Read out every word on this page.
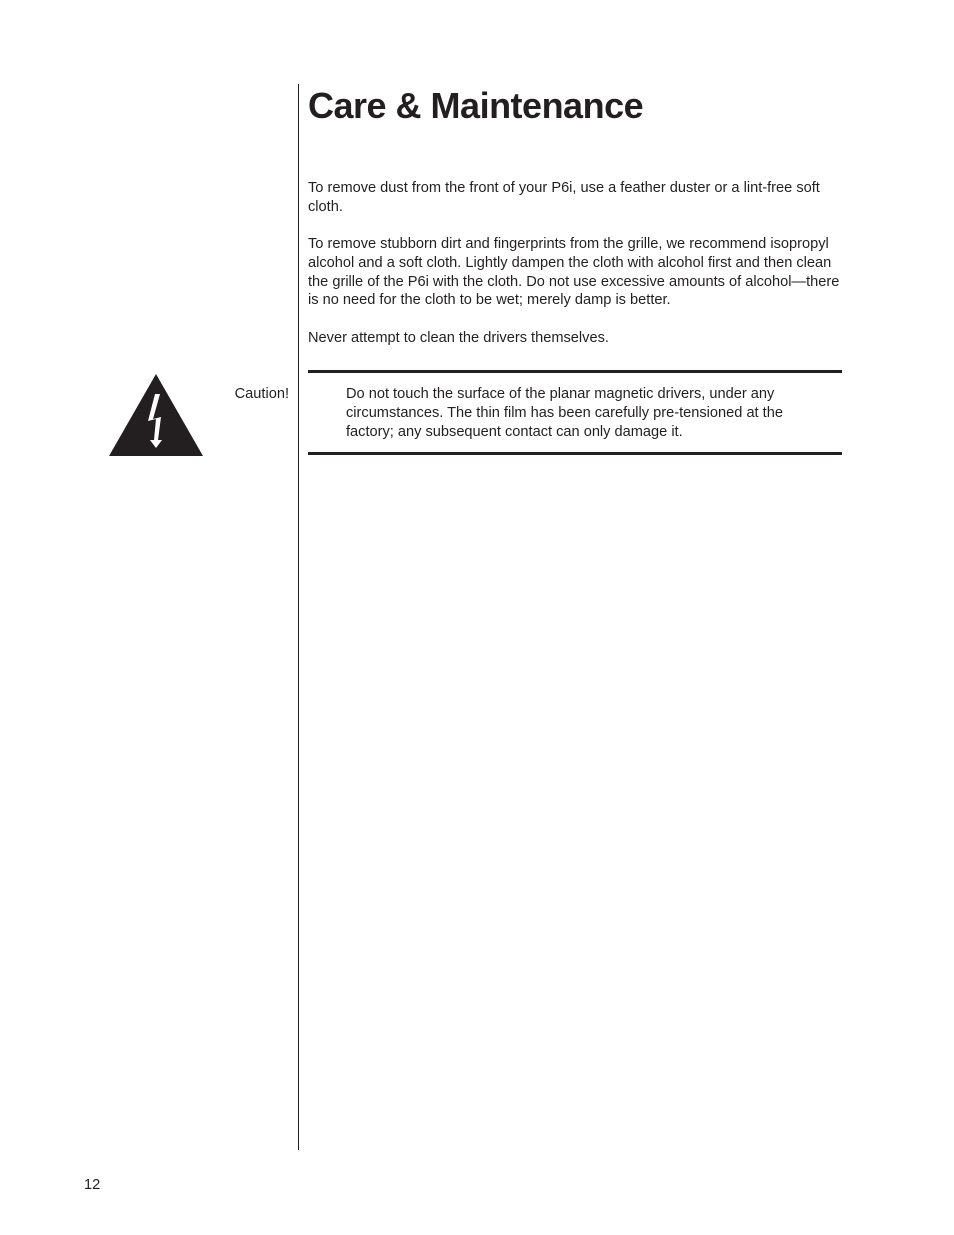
Care & Maintenance

To remove dust from the front of your P6i, use a feather duster or a lint-free soft cloth.

To remove stubborn dirt and fingerprints from the grille, we recommend isopropyl alcohol and a soft cloth. Lightly dampen the cloth with alcohol first and then clean the grille of the P6i with the cloth. Do not use excessive amounts of alcohol—there is no need for the cloth to be wet; merely damp is better.

Never attempt to clean the drivers themselves.

Caution!	Do not touch the surface of the planar magnetic drivers, under any circumstances. The thin film has been carefully pre-tensioned at the factory; any subsequent contact can only damage it.

12
